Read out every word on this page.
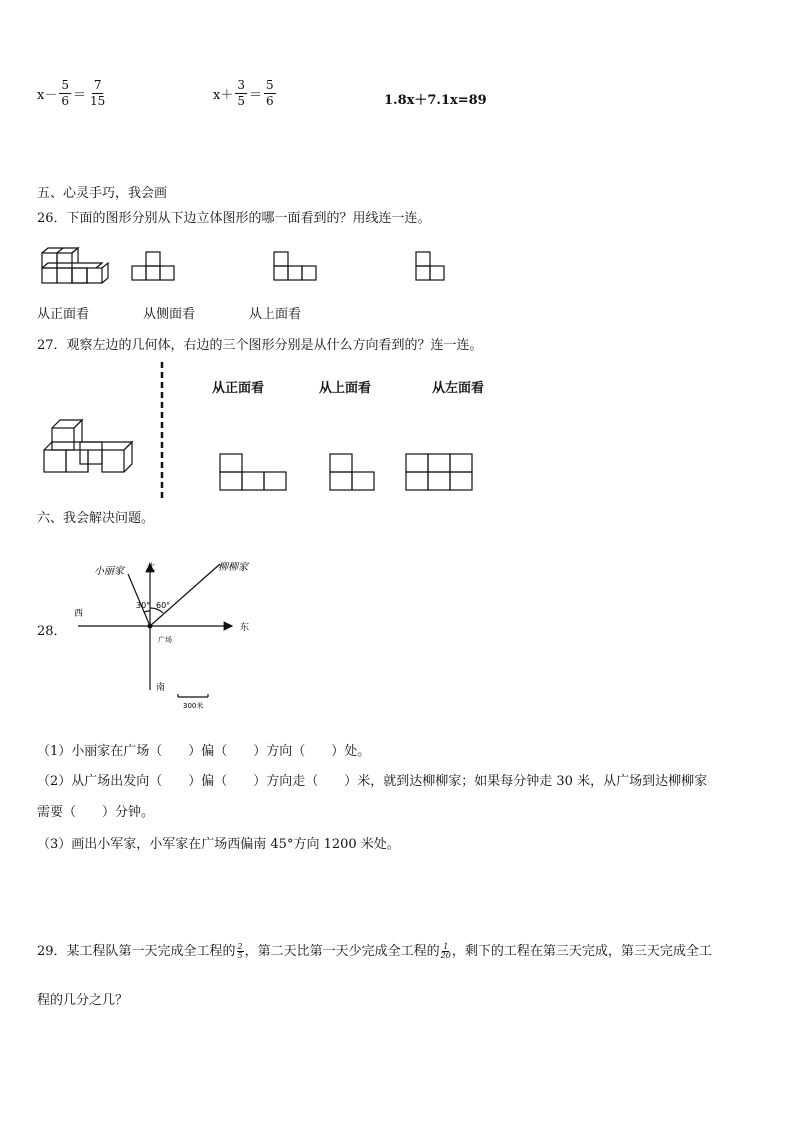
$x- \frac{5}{6} = \frac{7}{15}$	$x+ \frac{3}{5} = \frac{5}{6}$	1.8x＋7.1x=89
五、心灵手巧，我会画
26．下面的图形分别从下边立体图形的哪一面看到的？用线连一连。
从正面看	从侧面看	从上面看
27．观察左边的几何体，右边的三个图形分别是从什么方向看到的？连一连。
从正面看	从上面看	从左面看
六、我会解决问题。
28．
西
东
北
南
广场
小丽家	柳柳家
30° 60°
300米
（1）小丽家在广场（　　）偏（　　）方向（　　）处。
（2）从广场出发向（　　）偏（　　）方向走（　　）米，就到达柳柳家；如果每分钟走 30 米，从广场到达柳柳家
需要（　　）分钟。
（3）画出小军家，小军家在广场西偏南 45°方向 1200 米处。
29．某工程队第一天完成全工程的 $\frac{2}{5}$ ，第二天比第一天少完成全工程的 $\frac{1}{20}$ ，剩下的工程在第三天完成，第三天完成全工
程的几分之几？
